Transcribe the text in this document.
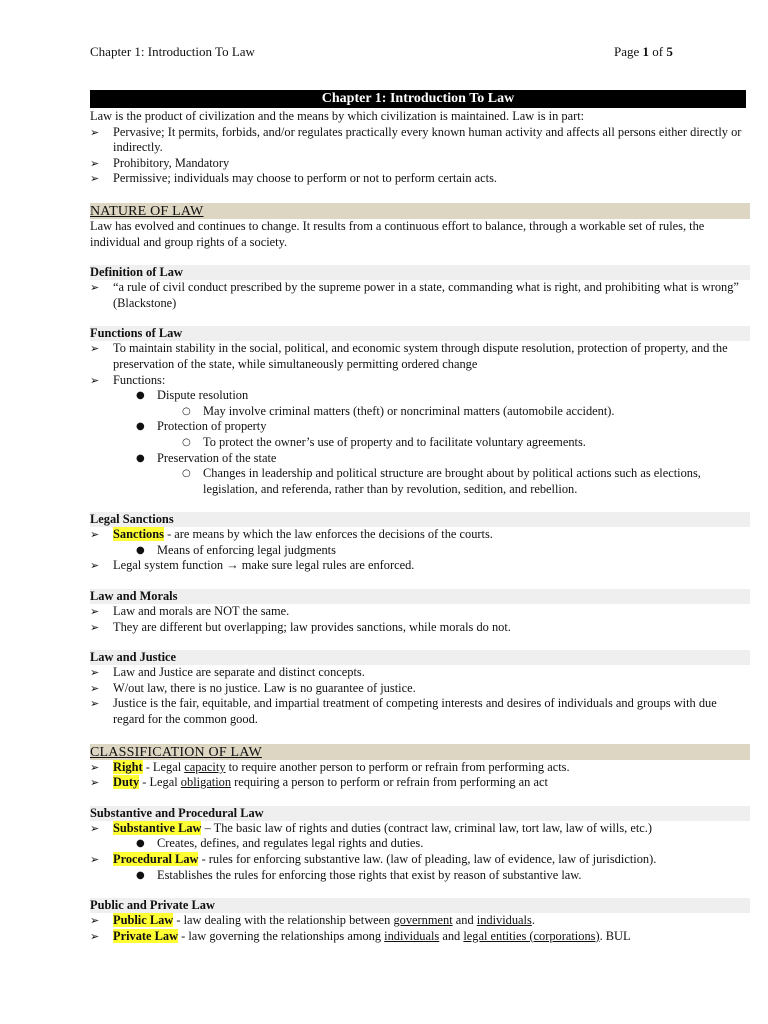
Chapter 1: Introduction To Law	Page 1 of 5
Chapter 1: Introduction To Law

Law is the product of civilization and the means by which civilization is maintained. Law is in part:

➢ Pervasive; It permits, forbids, and/or regulates practically every known human activity and affects all persons either directly or indirectly.

➢ Prohibitory, Mandatory

➢ Permissive; individuals may choose to perform or not to perform certain acts.

NATURE OF LAW

Law has evolved and continues to change. It results from a continuous effort to balance, through a workable set of rules, the individual and group rights of a society.

Definition of Law

➢ “a rule of civil conduct prescribed by the supreme power in a state, commanding what is right, and prohibiting what is wrong” (Blackstone)

Functions of Law

➢ To maintain stability in the social, political, and economic system through dispute resolution, protection of property, and the preservation of the state, while simultaneously permitting ordered change

➢ Functions:

● Dispute resolution

○ May involve criminal matters (theft) or noncriminal matters (automobile accident).

● Protection of property

○ To protect the owner’s use of property and to facilitate voluntary agreements.

● Preservation of the state

○ Changes in leadership and political structure are brought about by political actions such as elections, legislation, and referenda, rather than by revolution, sedition, and rebellion.

Legal Sanctions

➢ Sanctions - are means by which the law enforces the decisions of the courts.

● Means of enforcing legal judgments

➢ Legal system function → make sure legal rules are enforced.

Law and Morals

➢ Law and morals are NOT the same.

➢ They are different but overlapping; law provides sanctions, while morals do not.

Law and Justice

➢ Law and Justice are separate and distinct concepts.

➢ W/out law, there is no justice. Law is no guarantee of justice.

➢ Justice is the fair, equitable, and impartial treatment of competing interests and desires of individuals and groups with due regard for the common good.

CLASSIFICATION OF LAW

➢ Right - Legal capacity to require another person to perform or refrain from performing acts.

➢ Duty - Legal obligation requiring a person to perform or refrain from performing an act

Substantive and Procedural Law

➢ Substantive Law – The basic law of rights and duties (contract law, criminal law, tort law, law of wills, etc.)

● Creates, defines, and regulates legal rights and duties.

➢ Procedural Law - rules for enforcing substantive law. (law of pleading, law of evidence, law of jurisdiction).

● Establishes the rules for enforcing those rights that exist by reason of substantive law.

Public and Private Law

➢ Public Law - law dealing with the relationship between government and individuals.

➢ Private Law - law governing the relationships among individuals and legal entities (corporations). BUL
